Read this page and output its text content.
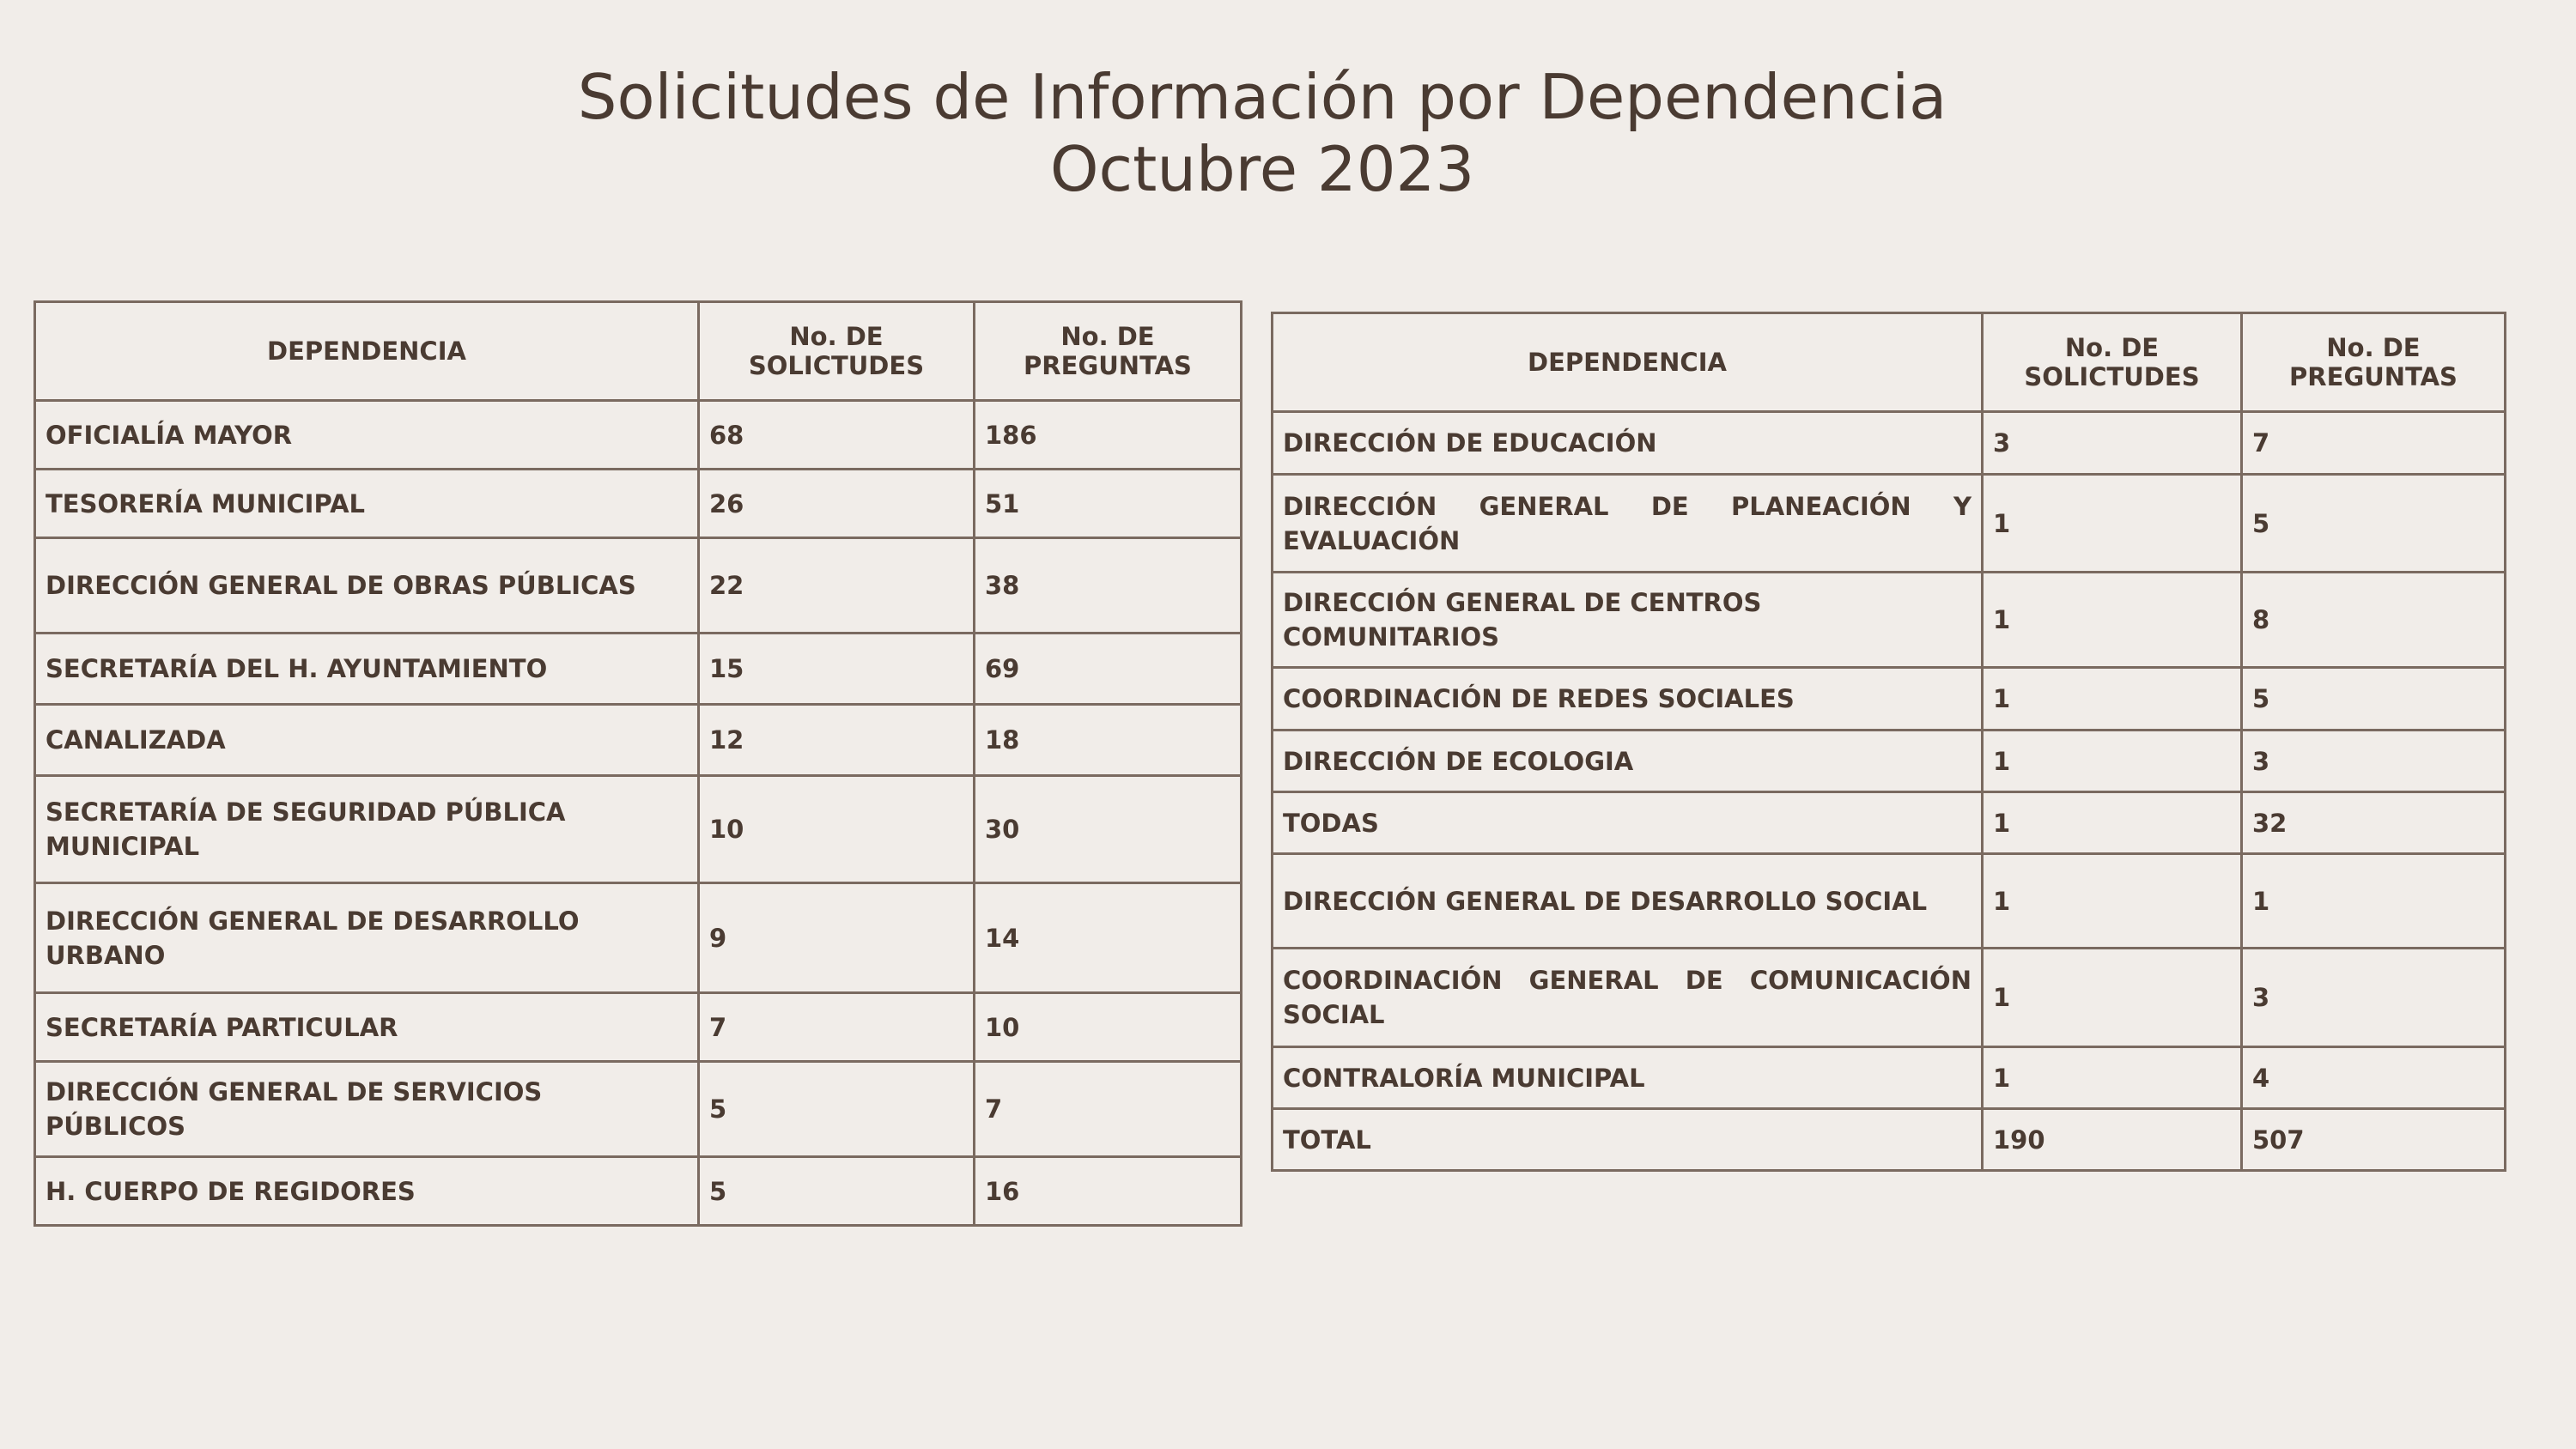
Solicitudes de Información por Dependencia
Octubre 2023
DEPENDENCIA	No. DE SOLICTUDES	No. DE PREGUNTAS
OFICIALÍA MAYOR	68	186
TESORERÍA MUNICIPAL	26	51
DIRECCIÓN GENERAL DE OBRAS PÚBLICAS	22	38
SECRETARÍA DEL H. AYUNTAMIENTO	15	69
CANALIZADA	12	18
SECRETARÍA DE SEGURIDAD PÚBLICA MUNICIPAL	10	30
DIRECCIÓN GENERAL DE DESARROLLO URBANO	9	14
SECRETARÍA PARTICULAR	7	10
DIRECCIÓN GENERAL DE SERVICIOS PÚBLICOS	5	7
H. CUERPO DE REGIDORES	5	16
DEPENDENCIA	No. DE SOLICTUDES	No. DE PREGUNTAS
DIRECCIÓN DE EDUCACIÓN	3	7
DIRECCIÓN GENERAL DE PLANEACIÓN Y EVALUACIÓN	1	5
DIRECCIÓN GENERAL DE CENTROS COMUNITARIOS	1	8
COORDINACIÓN DE REDES SOCIALES	1	5
DIRECCIÓN DE ECOLOGIA	1	3
TODAS	1	32
DIRECCIÓN GENERAL DE DESARROLLO SOCIAL	1	1
COORDINACIÓN GENERAL DE COMUNICACIÓN SOCIAL	1	3
CONTRALORÍA MUNICIPAL	1	4
TOTAL	190	507
